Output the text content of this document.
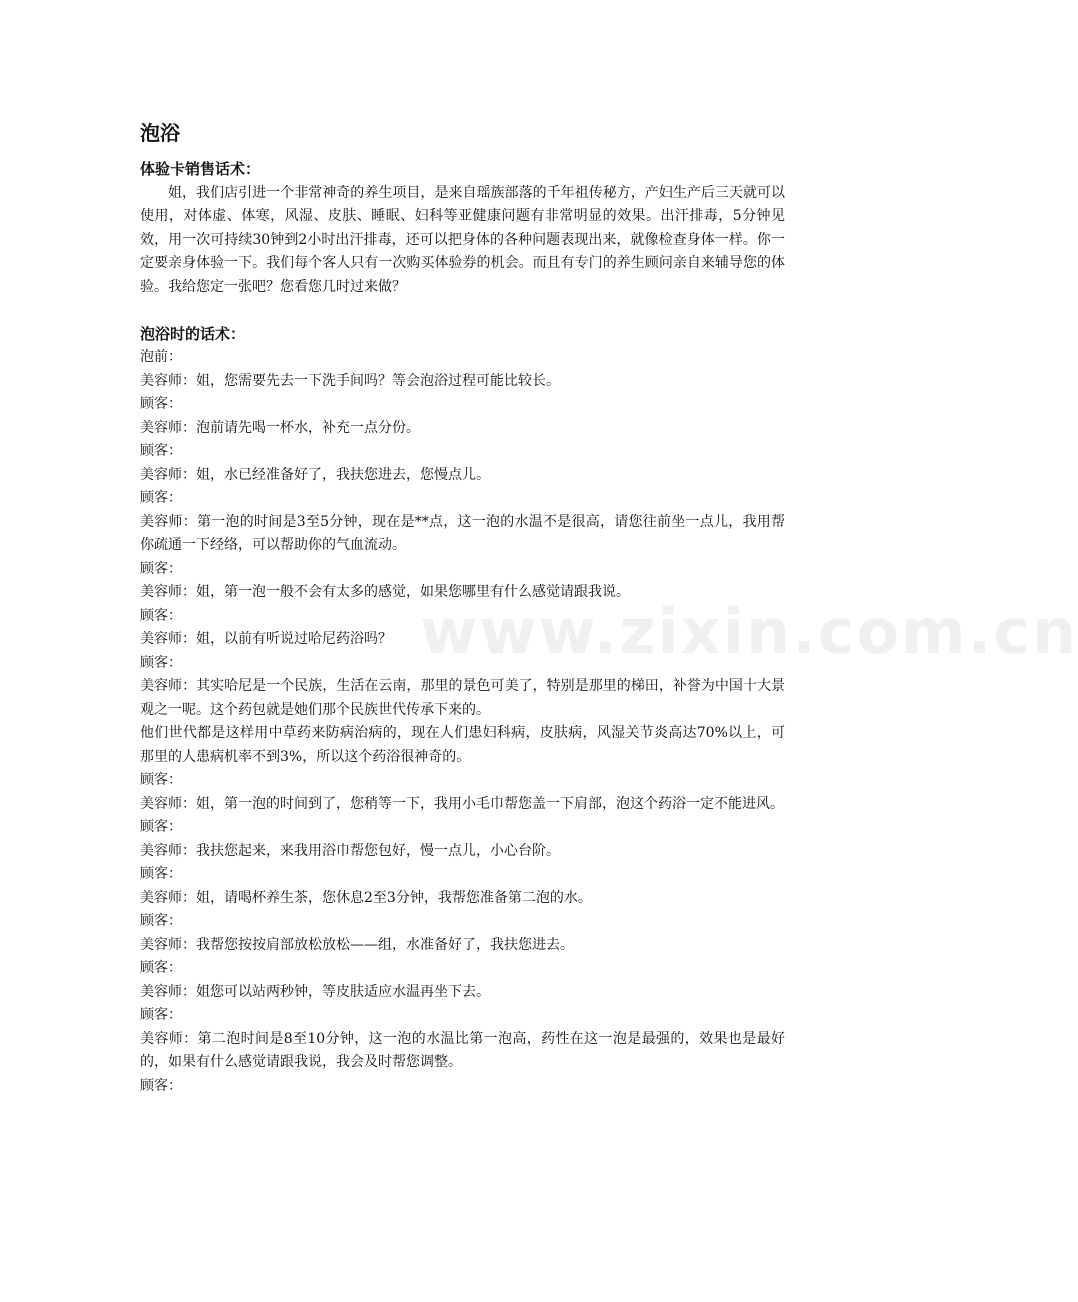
www.zixin.com.cn
泡浴
体验卡销售话术：

姐，我们店引进一个非常神奇的养生项目，是来自瑶族部落的千年祖传秘方，产妇生产后三天就可以使用，对体虚、体寒，风湿、皮肤、睡眠、妇科等亚健康问题有非常明显的效果。出汗排毒，5分钟见效，用一次可持续30钟到2小时出汗排毒，还可以把身体的各种问题表现出来，就像检查身体一样。你一定要亲身体验一下。我们每个客人只有一次购买体验券的机会。而且有专门的养生顾问亲自来辅导您的体验。我给您定一张吧？您看您几时过来做？

泡浴时的话术：

泡前：

美容师：姐，您需要先去一下洗手间吗？等会泡浴过程可能比较长。

顾客：

美容师：泡前请先喝一杯水，补充一点分份。

顾客：

美容师：姐，水已经准备好了，我扶您进去，您慢点儿。

顾客：

美容师：第一泡的时间是3至5分钟，现在是**点，这一泡的水温不是很高，请您往前坐一点儿，我用帮你疏通一下经络，可以帮助你的气血流动。

顾客：

美容师：姐，第一泡一般不会有太多的感觉，如果您哪里有什么感觉请跟我说。

顾客：

美容师：姐，以前有听说过哈尼药浴吗？

顾客：

美容师：其实哈尼是一个民族，生活在云南，那里的景色可美了，特别是那里的梯田，补誉为中国十大景观之一呢。这个药包就是她们那个民族世代传承下来的。

他们世代都是这样用中草药来防病治病的，现在人们患妇科病，皮肤病，风湿关节炎高达70%以上，可那里的人患病机率不到3%，所以这个药浴很神奇的。

顾客：

美容师：姐，第一泡的时间到了，您稍等一下，我用小毛巾帮您盖一下肩部，泡这个药浴一定不能进风。

顾客：

美容师：我扶您起来，来我用浴巾帮您包好，慢一点儿，小心台阶。

顾客：

美容师：姐，请喝杯养生茶，您休息2至3分钟，我帮您准备第二泡的水。

顾客：

美容师：我帮您按按肩部放松放松——组，水准备好了，我扶您进去。

顾客：

美容师：姐您可以站两秒钟，等皮肤适应水温再坐下去。

顾客：

美容师：第二泡时间是8至10分钟，这一泡的水温比第一泡高，药性在这一泡是最强的，效果也是最好的，如果有什么感觉请跟我说，我会及时帮您调整。

顾客：
